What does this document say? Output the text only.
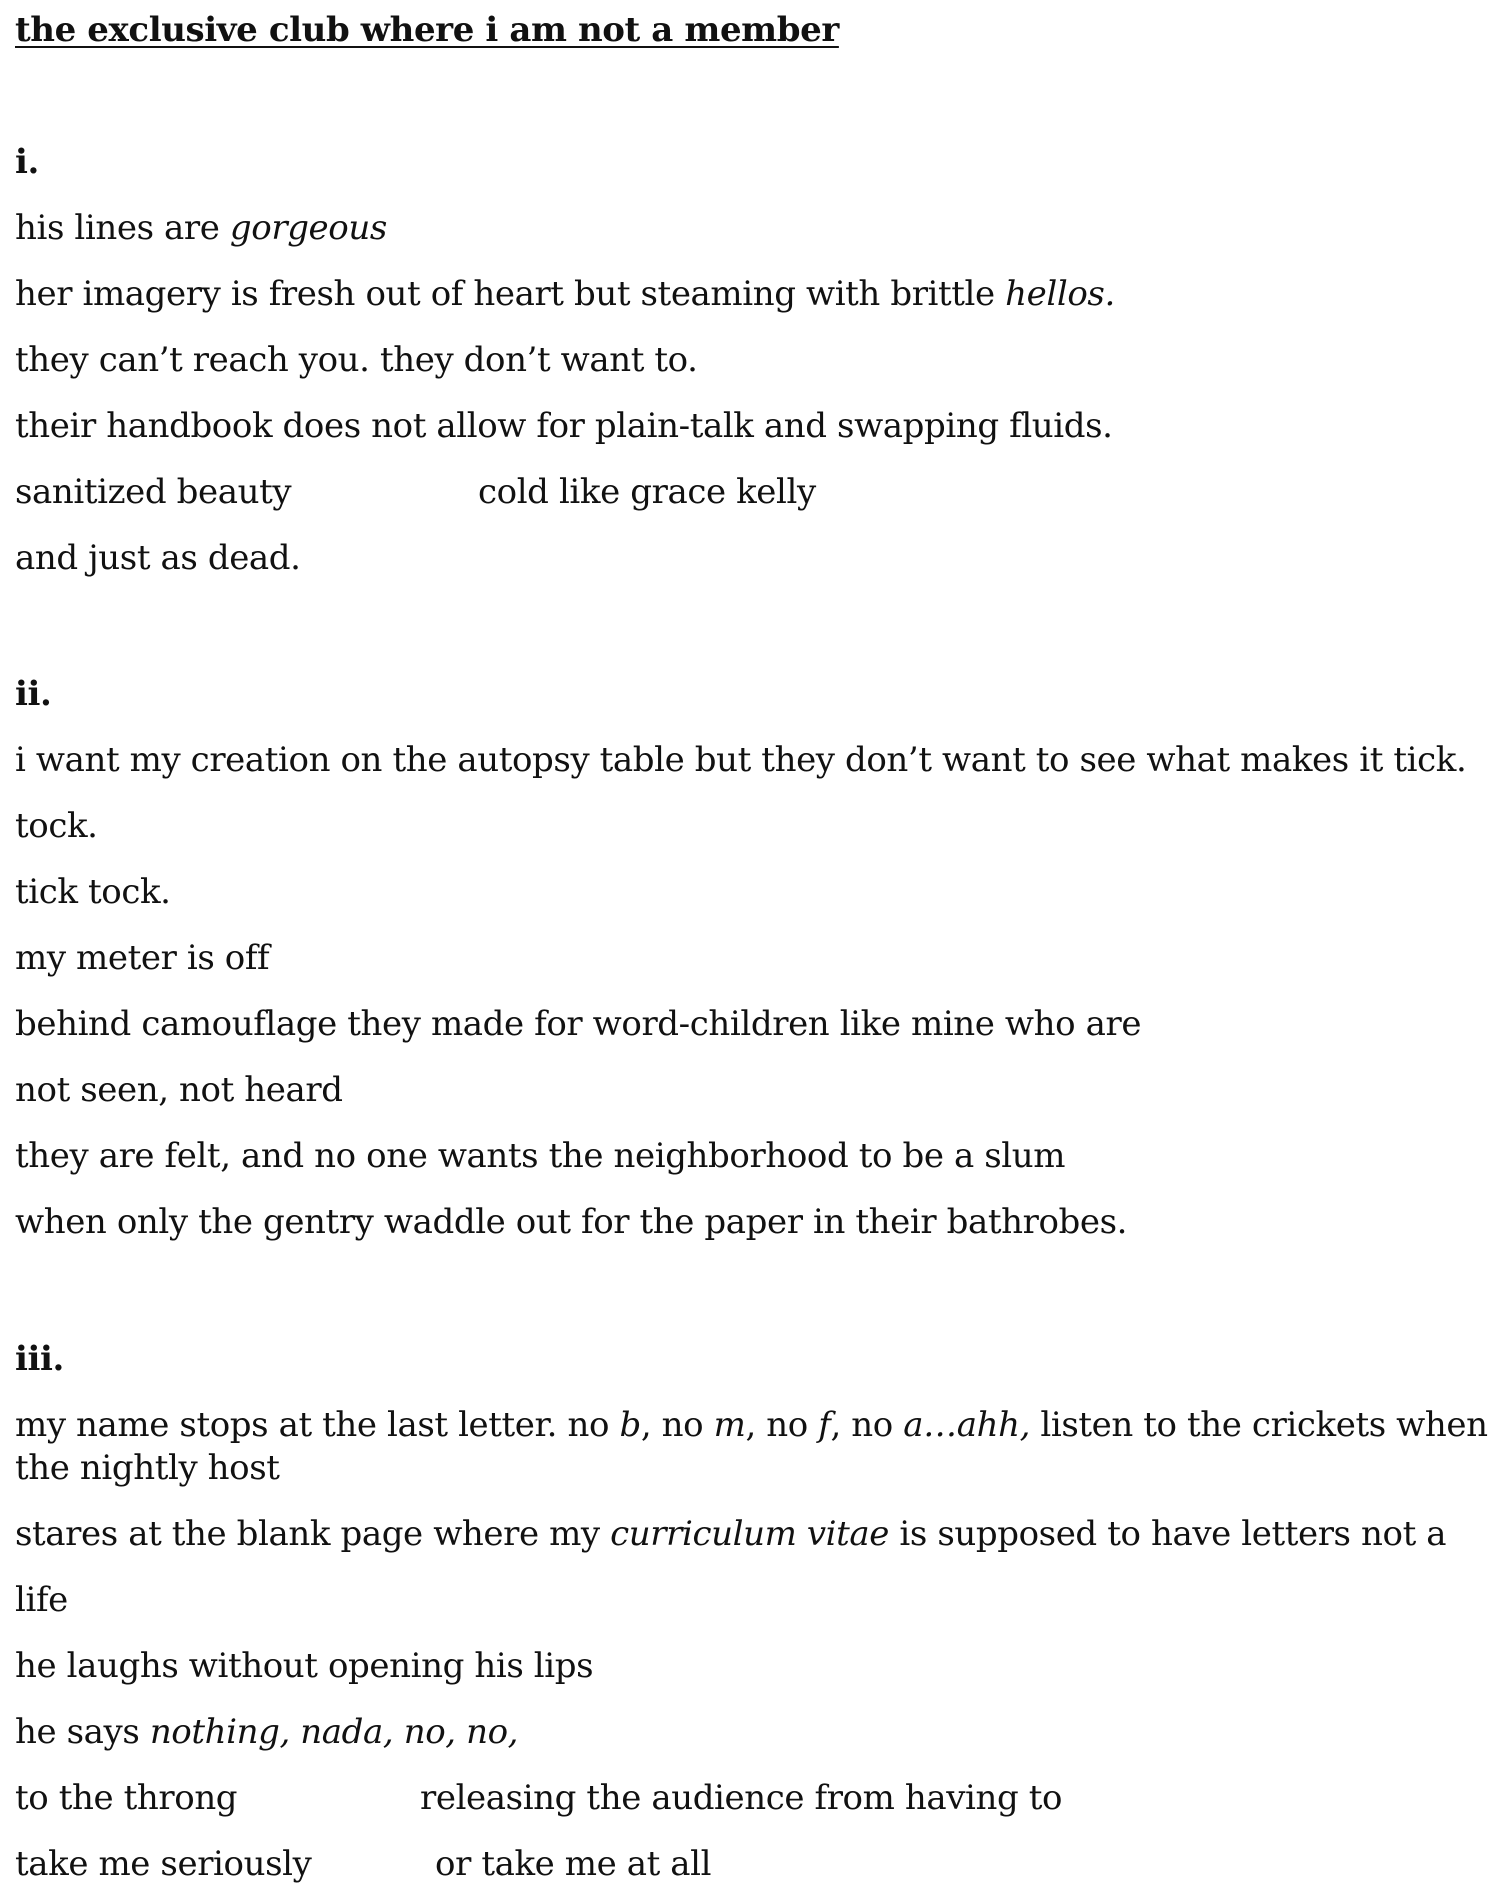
the exclusive club where i am not a member
i.
his lines are gorgeous
her imagery is fresh out of heart but steaming with brittle hellos.
they can’t reach you. they don’t want to.
their handbook does not allow for plain-talk and swapping fluids.
sanitized beauty	cold like grace kelly
and just as dead.
ii.
i want my creation on the autopsy table but they don’t want to see what makes it tick.
tock.
tick tock.
my meter is off
behind camouflage they made for word-children like mine who are
not seen, not heard
they are felt, and no one wants the neighborhood to be a slum
when only the gentry waddle out for the paper in their bathrobes.
iii.
my name stops at the last letter. no b, no m, no f, no a…ahh, listen to the crickets when
the nightly host
stares at the blank page where my curriculum vitae is supposed to have letters not a
life
he laughs without opening his lips
he says nothing, nada, no, no,
to the throng	releasing the audience from having to
take me seriously	or take me at all
